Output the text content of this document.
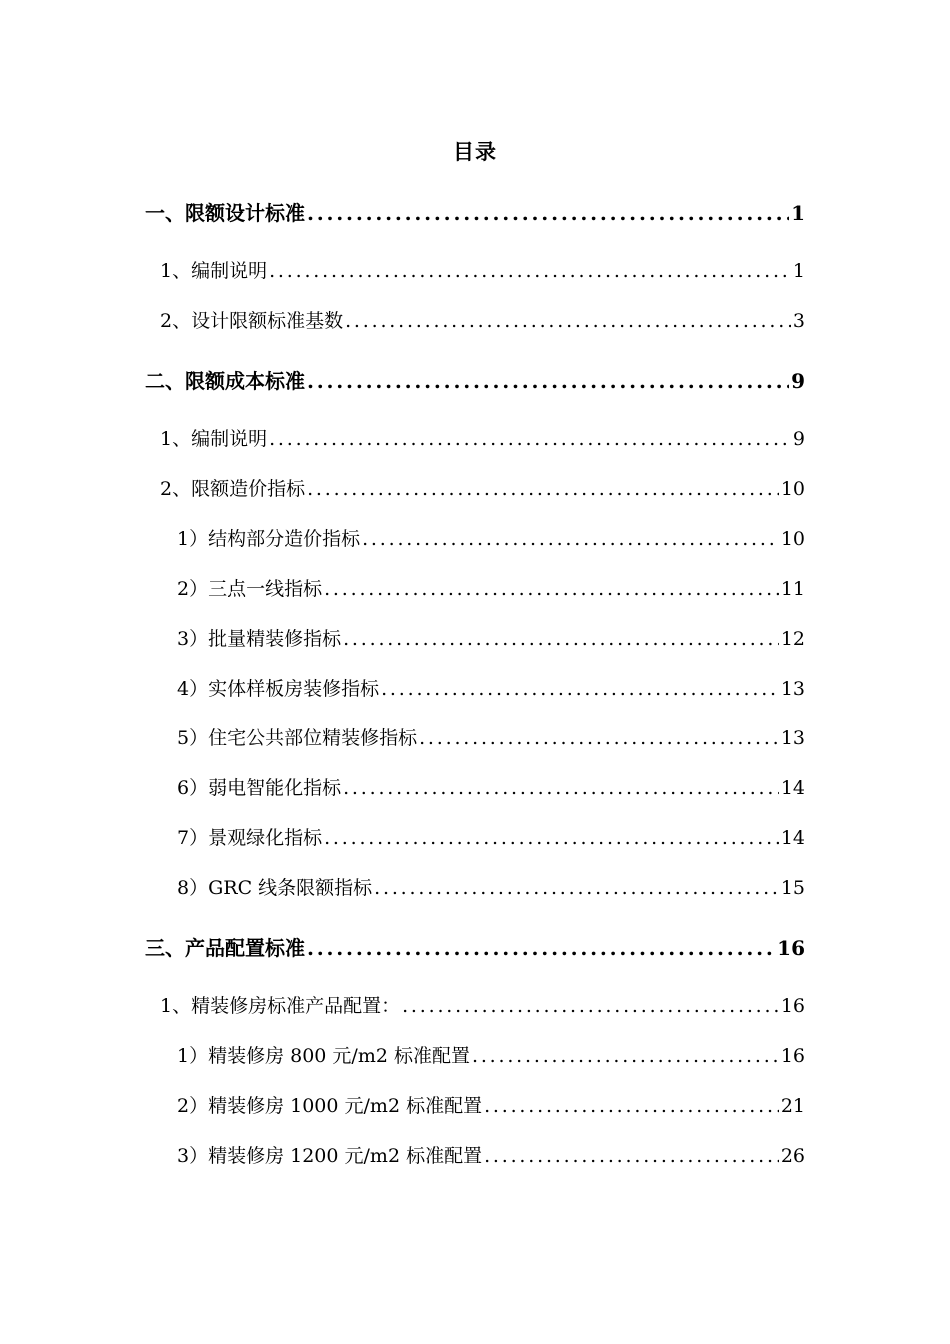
目录
一、限额设计标准 .....	1
1、编制说明 .....	1
2、设计限额标准基数 .....	3
二、限额成本标准 .....	9
1、编制说明 .....	9
2、限额造价指标 .....	10
1）结构部分造价指标 .....	10
2）三点一线指标 .....	11
3）批量精装修指标 .....	12
4）实体样板房装修指标 .....	13
5）住宅公共部位精装修指标 .....	13
6）弱电智能化指标 .....	14
7）景观绿化指标 .....	14
8）GRC 线条限额指标 .....	15
三、产品配置标准 .....	16
1、精装修房标准产品配置： .....	16
1）精装修房 800 元/m2 标准配置 .....	16
2）精装修房 1000 元/m2 标准配置 .....	21
3）精装修房 1200 元/m2 标准配置 .....	26
